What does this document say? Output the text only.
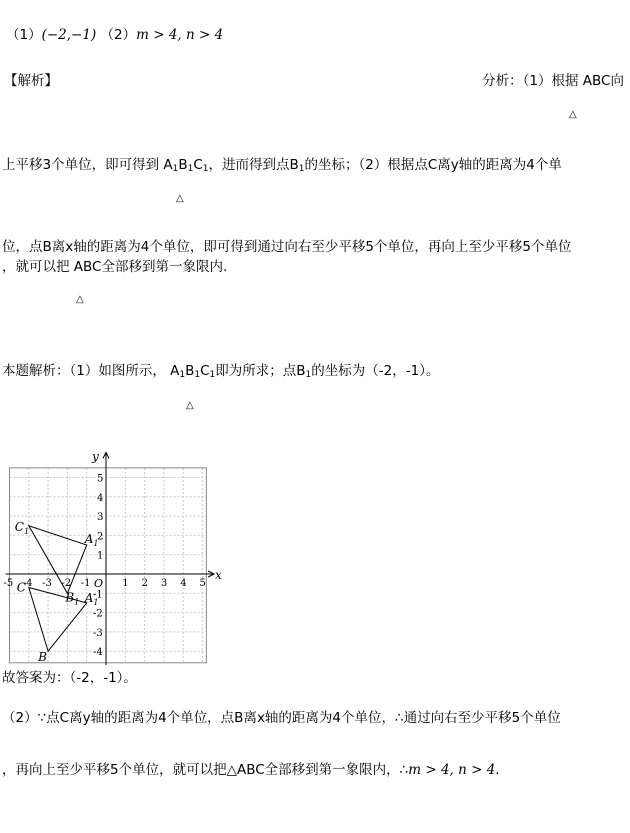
（1）(−2,−1) （2）m > 4, n > 4
【解析】	分析：（1）根据 ABC向
△
上平移3个单位，即可得到 $A_1B_1C_1$，进而得到点$B_1$的坐标；（2）根据点C离y轴的距离为4个单
△
位，点B离x轴的距离为4个单位，即可得到通过向右至少平移5个单位，再向上至少平移5个单位
，就可以把 ABC全部移到第一象限内.
△
本题解析：（1）如图所示， $A_1B_1C_1$即为所求；点$B_1$的坐标为（-2，-1）。
△
-5 -4 -3 -2 -1	1 2 3 4 5
5
4
3
2
1
-1
-2
-3
-4
x
y
O
$C_1$
$A_1$
C
$B_1$ $A_1$
B
故答案为：（-2，-1）。
（2）∵点C离y轴的距离为4个单位，点B离x轴的距离为4个单位，∴通过向右至少平移5个单位
，再向上至少平移5个单位，就可以把△ABC全部移到第一象限内，∴m > 4, n > 4.
